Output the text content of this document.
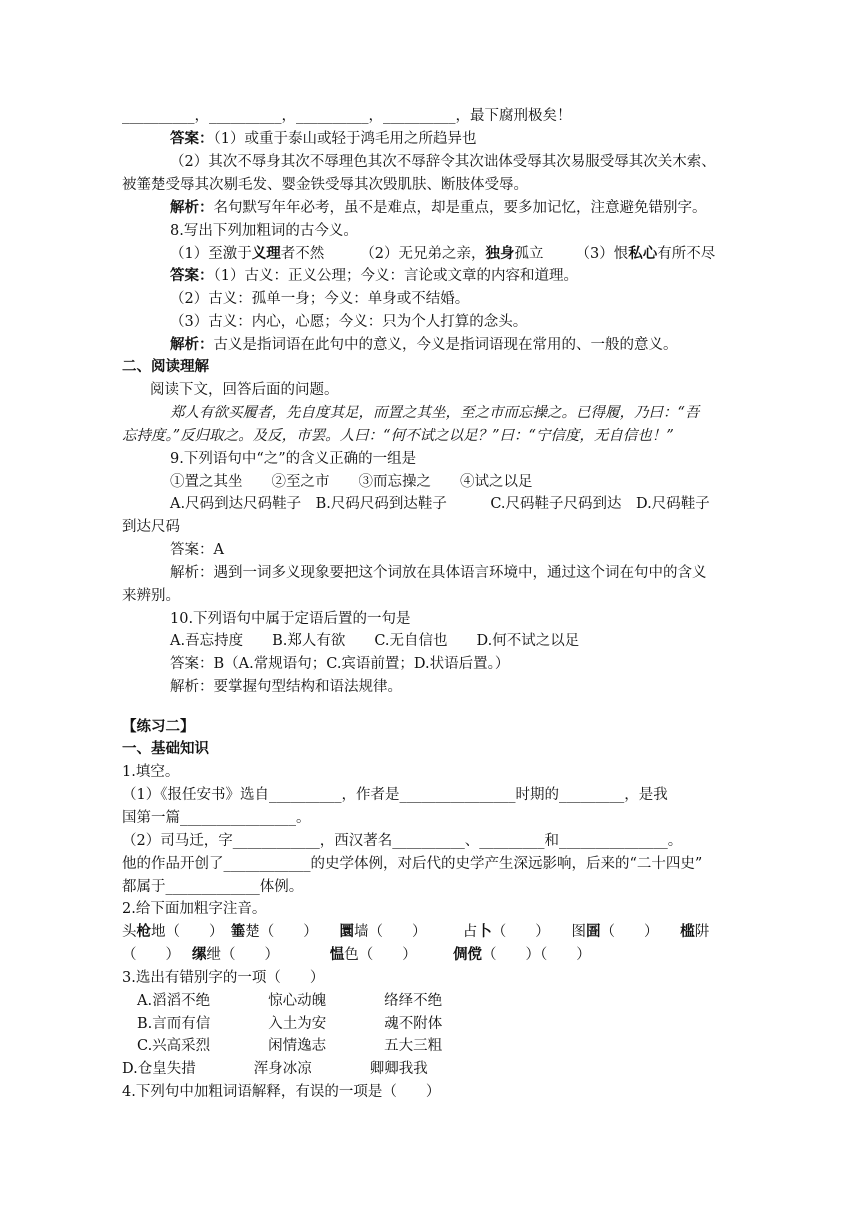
__________，__________，__________，__________，最下腐刑极矣！
答案：（1）或重于泰山或轻于鸿毛用之所趋异也
（2）其次不辱身其次不辱理色其次不辱辞令其次诎体受辱其次易服受辱其次关木索、
被箠楚受辱其次剔毛发、婴金铁受辱其次毁肌肤、断肢体受辱。
解析：名句默写年年必考，虽不是难点，却是重点，要多加记忆，注意避免错别字。
8.写出下列加粗词的古今义。
（1）至激于义理者不然 （2）无兄弟之亲，独身孤立 （3）恨私心有所不尽
答案：（1）古义：正义公理；今义：言论或文章的内容和道理。
（2）古义：孤单一身；今义：单身或不结婚。
（3）古义：内心，心愿；今义：只为个人打算的念头。
解析：古义是指词语在此句中的意义，今义是指词语现在常用的、一般的意义。
二、阅读理解
阅读下文，回答后面的问题。
郑人有欲买履者，先自度其足，而置之其坐，至之市而忘操之。已得履，乃曰：“吾
忘持度。”反归取之。及反，市罢。人曰：“何不试之以足？”曰：“宁信度，无自信也！”
9.下列语句中“之”的含义正确的一组是
①置之其坐　　②至之市　　③而忘操之　　④试之以足
A.尺码到达尺码鞋子　B.尺码尺码到达鞋子　　　C.尺码鞋子尺码到达　D.尺码鞋子
到达尺码
答案：A
解析：遇到一词多义现象要把这个词放在具体语言环境中，通过这个词在句中的含义
来辨别。
10.下列语句中属于定语后置的一句是
A.吾忘持度　　B.郑人有欲　　C.无自信也　　D.何不试之以足
答案：B（A.常规语句；C.宾语前置；D.状语后置。）
解析：要掌握句型结构和语法规律。
【练习二】
一、基础知识
1.填空。
（1）《报任安书》选自__________，作者是________________时期的_________，是我
国第一篇________________。
（2）司马迁，字____________，西汉著名__________、_________和_______________。
他的作品开创了____________的史学体例，对后代的史学产生深远影响，后来的“二十四史”
都属于_____________体例。
2.给下面加粗字注音。
头枪地（　　）　箠楚（　　）　　圜墙（　　）　　　占卜（　　）　　图圄（　　）　　槛阱
（　　） 缧绁（　　）　　　　愠色（　　）　　　倜傥（　　）（　　）
3.选出有错别字的一项（　　）
A.滔滔不绝　　　　惊心动魄　　　　络绎不绝
B.言而有信　　　　入土为安　　　　魂不附体
C.兴高采烈　　　　闲情逸志　　　　五大三粗
D.仓皇失措　　　　浑身冰凉　　　　卿卿我我
4.下列句中加粗词语解释，有误的一项是（　　）
